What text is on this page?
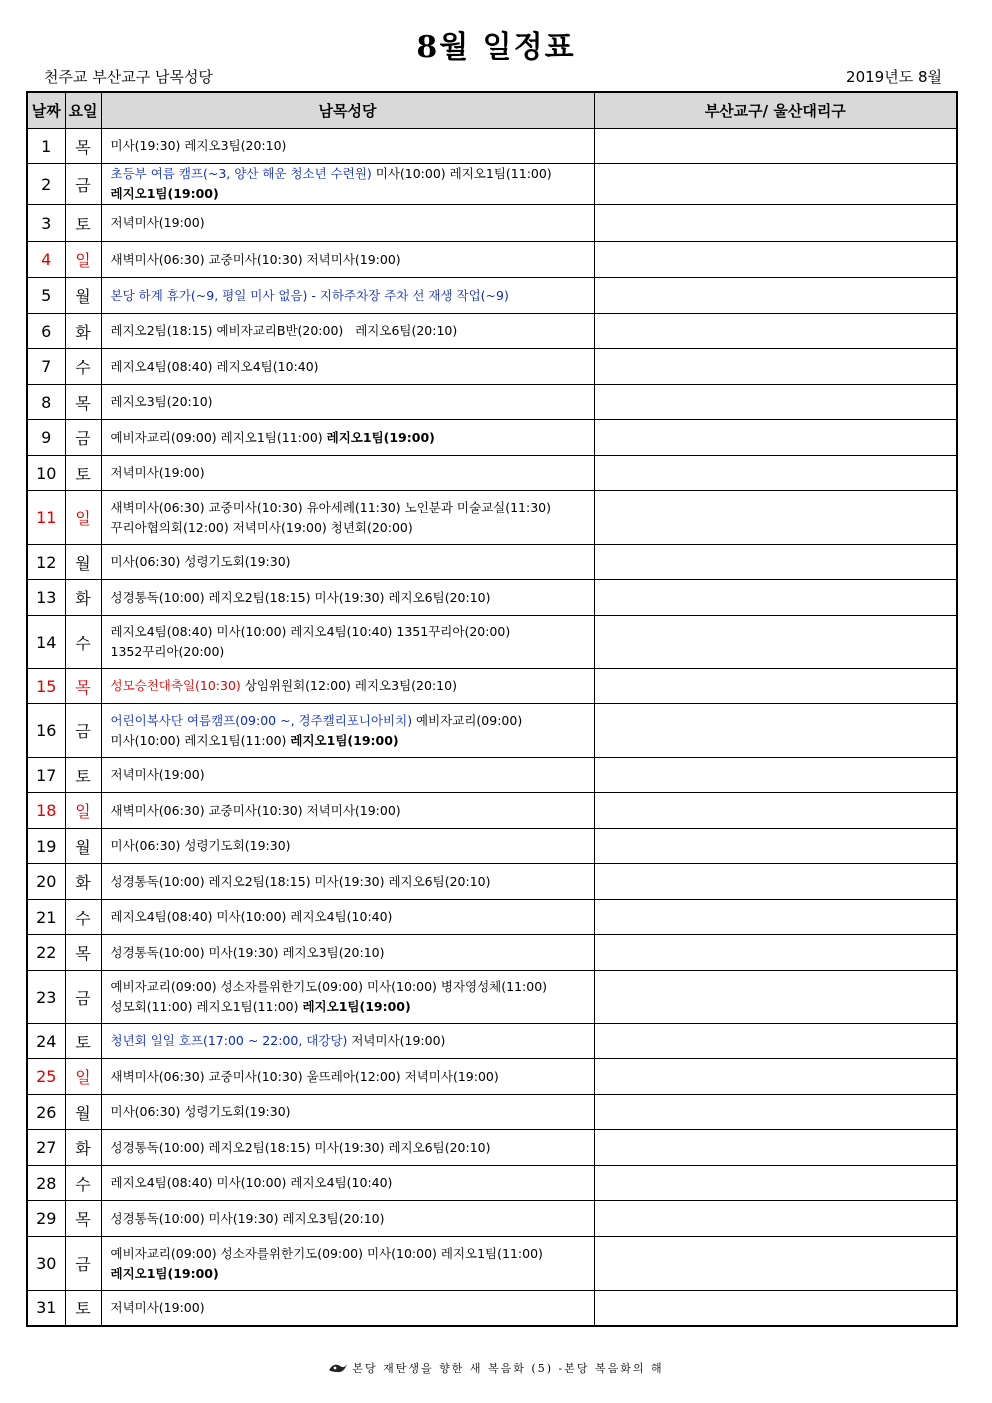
8월 일정표
천주교 부산교구 남목성당	2019년도 8월
날짜	요일	남목성당	부산교구/ 울산대리구
1	목	미사(19:30) 레지오3팀(20:10)	

2	금	초등부 여름 캠프(~3, 양산 해운 청소년 수련원) 미사(10:00) 레지오1팀(11:00)
레지오1팀(19:00)	

3	토	저녁미사(19:00)	

4	일	새벽미사(06:30) 교중미사(10:30) 저녁미사(19:00)	

5	월	본당 하계 휴가(~9, 평일 미사 없음) - 지하주차장 주차 선 재생 작업(~9)	

6	화	레지오2팀(18:15) 예비자교리B반(20:00)   레지오6팀(20:10)	

7	수	레지오4팀(08:40) 레지오4팀(10:40)	

8	목	레지오3팀(20:10)	

9	금	예비자교리(09:00) 레지오1팀(11:00) 레지오1팀(19:00)	

10	토	저녁미사(19:00)	

11	일	새벽미사(06:30) 교중미사(10:30) 유아세례(11:30) 노인분과 미술교실(11:30)
꾸리아협의회(12:00) 저녁미사(19:00) 청년회(20:00)	

12	월	미사(06:30) 성령기도회(19:30)	

13	화	성경통독(10:00) 레지오2팀(18:15) 미사(19:30) 레지오6팀(20:10)	

14	수	레지오4팀(08:40) 미사(10:00) 레지오4팀(10:40) 1351꾸리아(20:00)
1352꾸리아(20:00)	

15	목	성모승천대축일(10:30) 상임위원회(12:00) 레지오3팀(20:10)	

16	금	어린이복사단 여름캠프(09:00 ~, 경주캘리포니아비치) 예비자교리(09:00)
미사(10:00) 레지오1팀(11:00) 레지오1팀(19:00)	

17	토	저녁미사(19:00)	

18	일	새벽미사(06:30) 교중미사(10:30) 저녁미사(19:00)	

19	월	미사(06:30) 성령기도회(19:30)	

20	화	성경통독(10:00) 레지오2팀(18:15) 미사(19:30) 레지오6팀(20:10)	

21	수	레지오4팀(08:40) 미사(10:00) 레지오4팀(10:40)	

22	목	성경통독(10:00) 미사(19:30) 레지오3팀(20:10)	

23	금	예비자교리(09:00) 성소자를위한기도(09:00) 미사(10:00) 병자영성체(11:00)
성모회(11:00) 레지오1팀(11:00) 레지오1팀(19:00)	

24	토	청년회 일일 호프(17:00 ~ 22:00, 대강당) 저녁미사(19:00)	

25	일	새벽미사(06:30) 교중미사(10:30) 울뜨레아(12:00) 저녁미사(19:00)	

26	월	미사(06:30) 성령기도회(19:30)	

27	화	성경통독(10:00) 레지오2팀(18:15) 미사(19:30) 레지오6팀(20:10)	

28	수	레지오4팀(08:40) 미사(10:00) 레지오4팀(10:40)	

29	목	성경통독(10:00) 미사(19:30) 레지오3팀(20:10)	

30	금	예비자교리(09:00) 성소자를위한기도(09:00) 미사(10:00) 레지오1팀(11:00)
레지오1팀(19:00)	

31	토	저녁미사(19:00)	

본당 재탄생을 향한 새 복음화 (5) -본당 복음화의 해
